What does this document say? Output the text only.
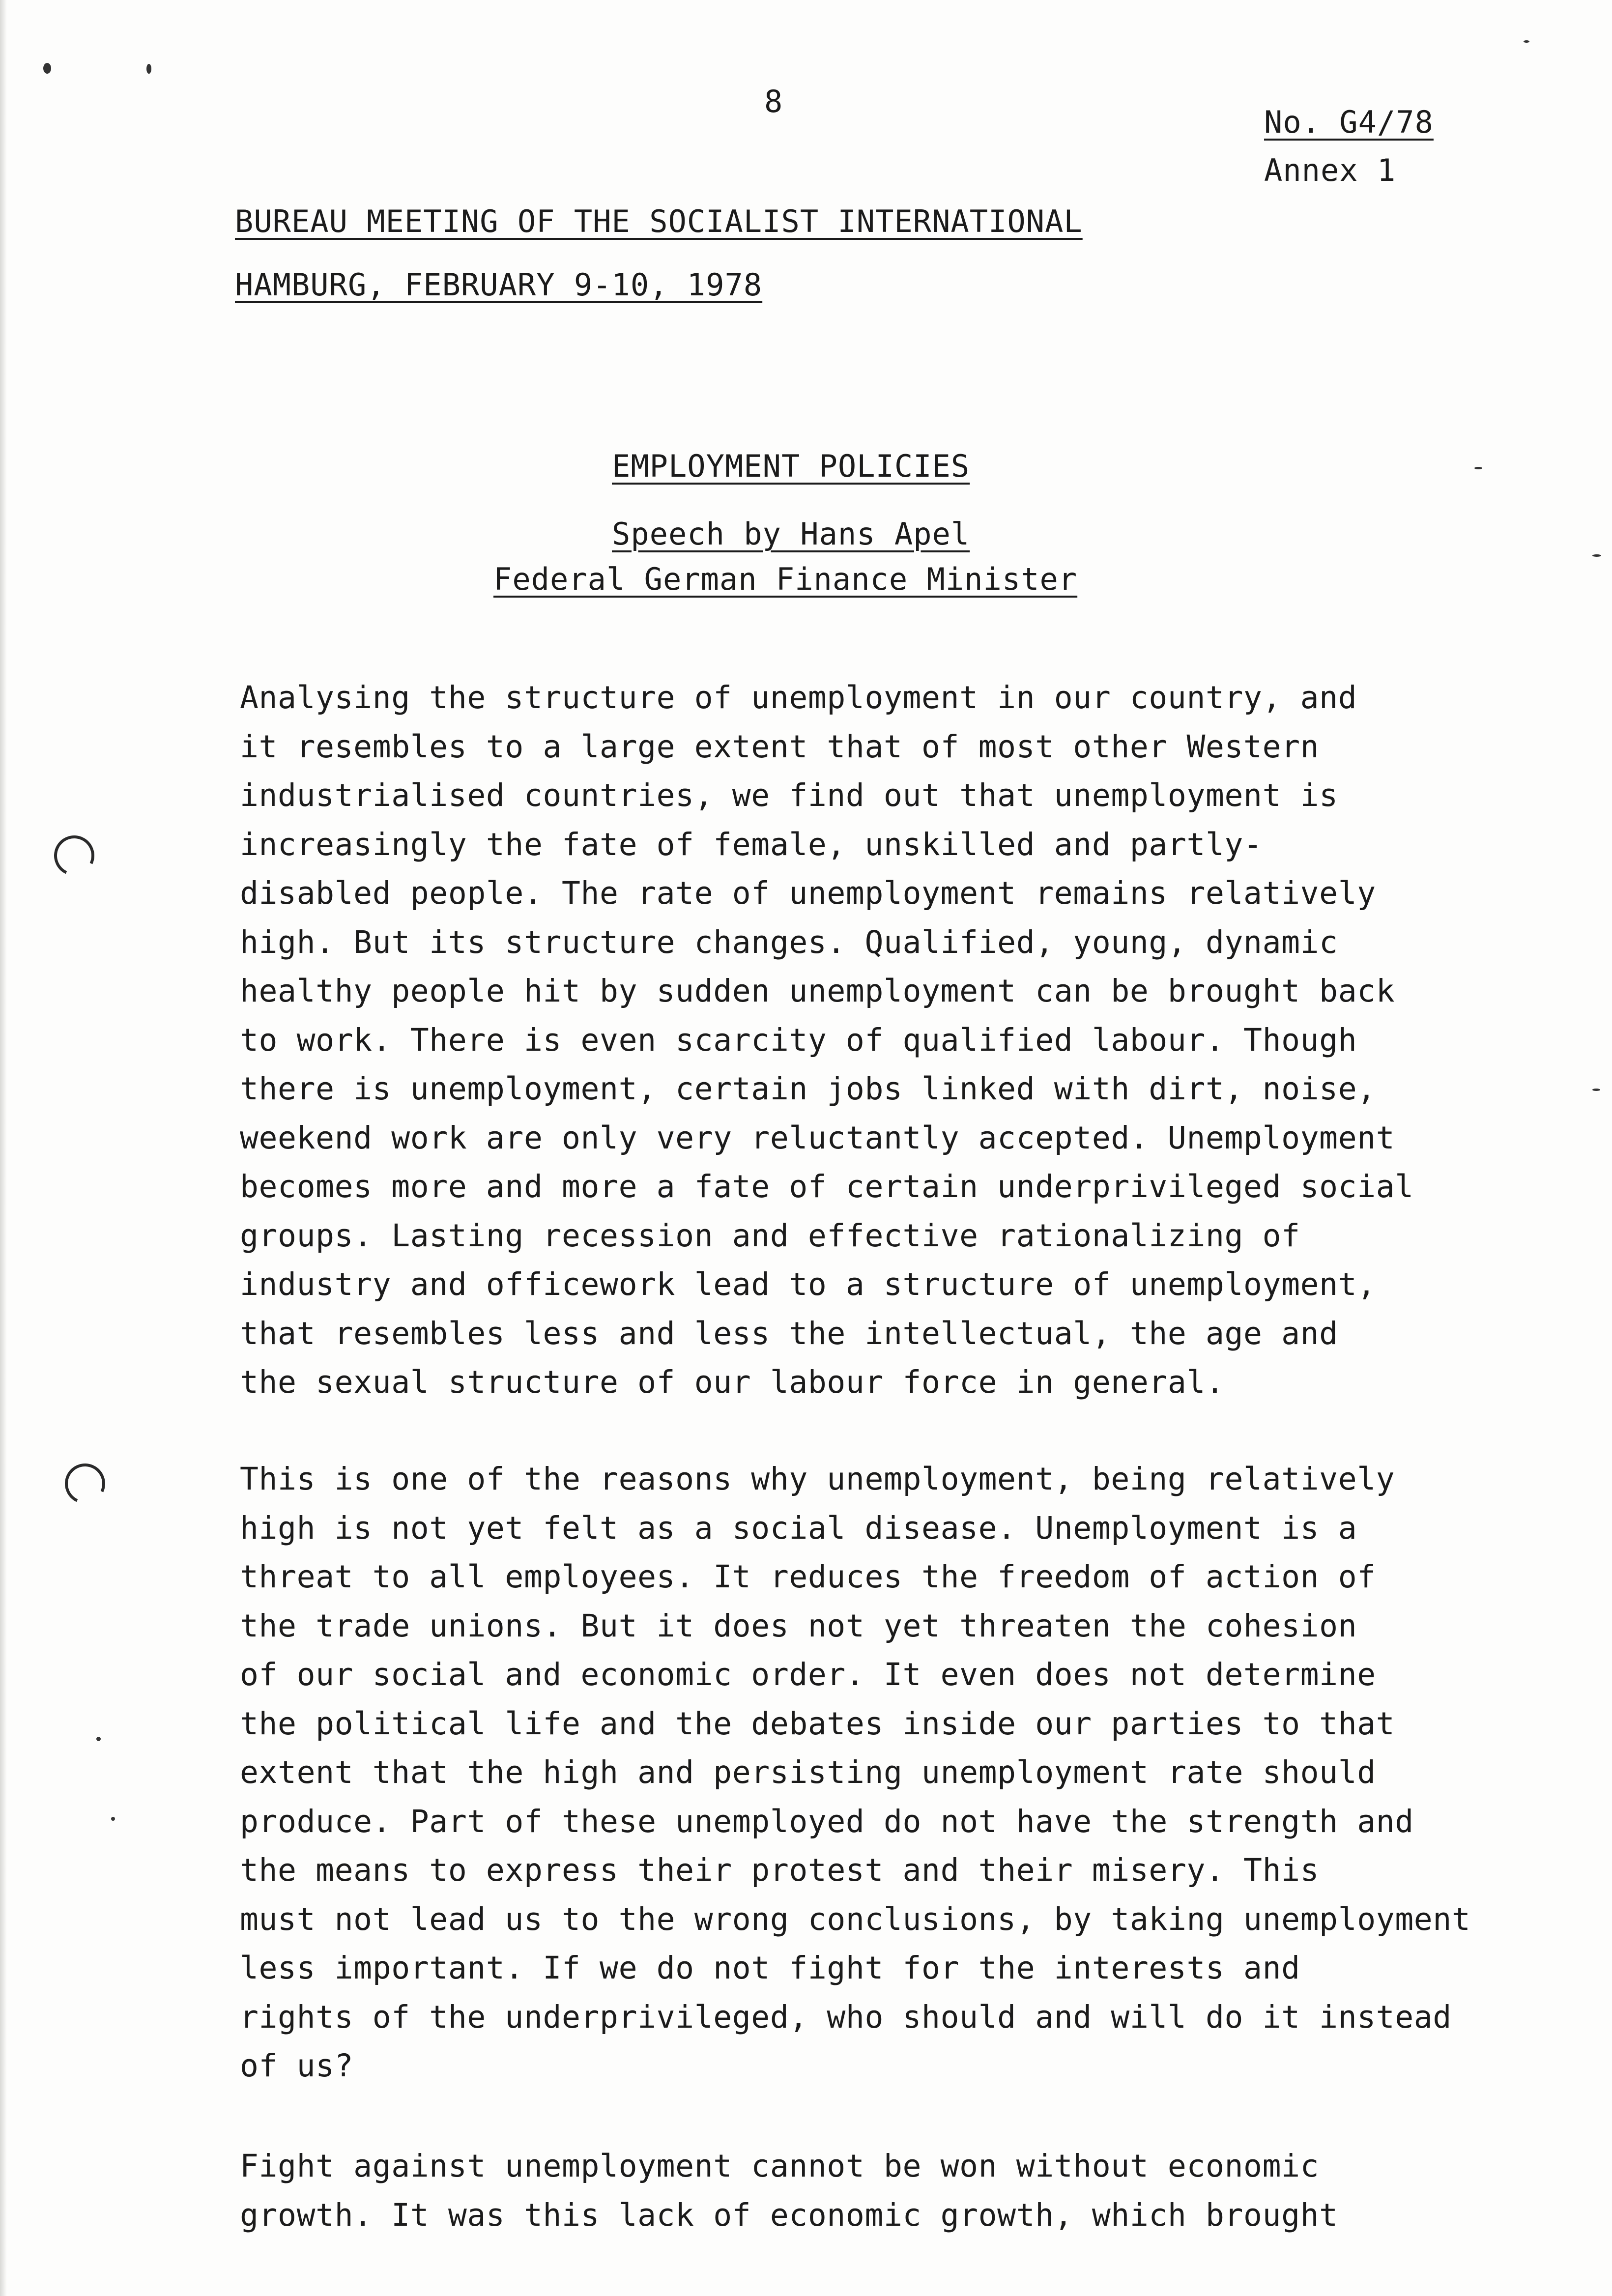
8
No. G4/78
Annex 1
BUREAU MEETING OF THE SOCIALIST INTERNATIONAL
HAMBURG, FEBRUARY 9-10, 1978
EMPLOYMENT POLICIES
Speech by Hans Apel
Federal German Finance Minister
Analysing the structure of unemployment in our country, and
it resembles to a large extent that of most other Western
industrialised countries, we find out that unemployment is
increasingly the fate of female, unskilled and partly-
disabled people. The rate of unemployment remains relatively
high. But its structure changes. Qualified, young, dynamic
healthy people hit by sudden unemployment can be brought back
to work. There is even scarcity of qualified labour. Though
there is unemployment, certain jobs linked with dirt, noise,
weekend work are only very reluctantly accepted. Unemployment
becomes more and more a fate of certain underprivileged social
groups. Lasting recession and effective rationalizing of
industry and officework lead to a structure of unemployment,
that resembles less and less the intellectual, the age and
the sexual structure of our labour force in general.
This is one of the reasons why unemployment, being relatively
high is not yet felt as a social disease. Unemployment is a
threat to all employees. It reduces the freedom of action of
the trade unions. But it does not yet threaten the cohesion
of our social and economic order. It even does not determine
the political life and the debates inside our parties to that
extent that the high and persisting unemployment rate should
produce. Part of these unemployed do not have the strength and
the means to express their protest and their misery. This
must not lead us to the wrong conclusions, by taking unemployment
less important. If we do not fight for the interests and
rights of the underprivileged, who should and will do it instead
of us?
Fight against unemployment cannot be won without economic
growth. It was this lack of economic growth, which brought
